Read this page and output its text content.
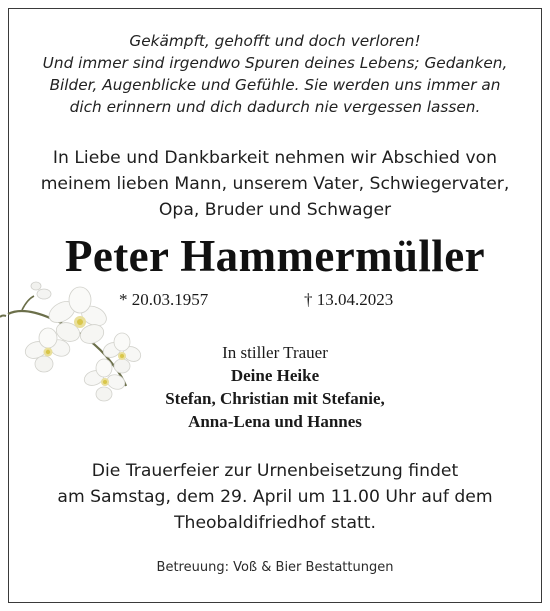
Gekämpft, gehofft und doch verloren!
Und immer sind irgendwo Spuren deines Lebens; Gedanken,
Bilder, Augenblicke und Gefühle. Sie werden uns immer an
dich erinnern und dich dadurch nie vergessen lassen.
In Liebe und Dankbarkeit nehmen wir Abschied von
meinem lieben Mann, unserem Vater, Schwiegervater,
Opa, Bruder und Schwager
Peter Hammermüller
* 20.03.1957	† 13.04.2023
In stiller Trauer
Deine Heike
Stefan, Christian mit Stefanie,
Anna-Lena und Hannes
Die Trauerfeier zur Urnenbeisetzung findet
am Samstag, dem 29. April um 11.00 Uhr auf dem
Theobaldifriedhof statt.
Betreuung: Voß & Bier Bestattungen
